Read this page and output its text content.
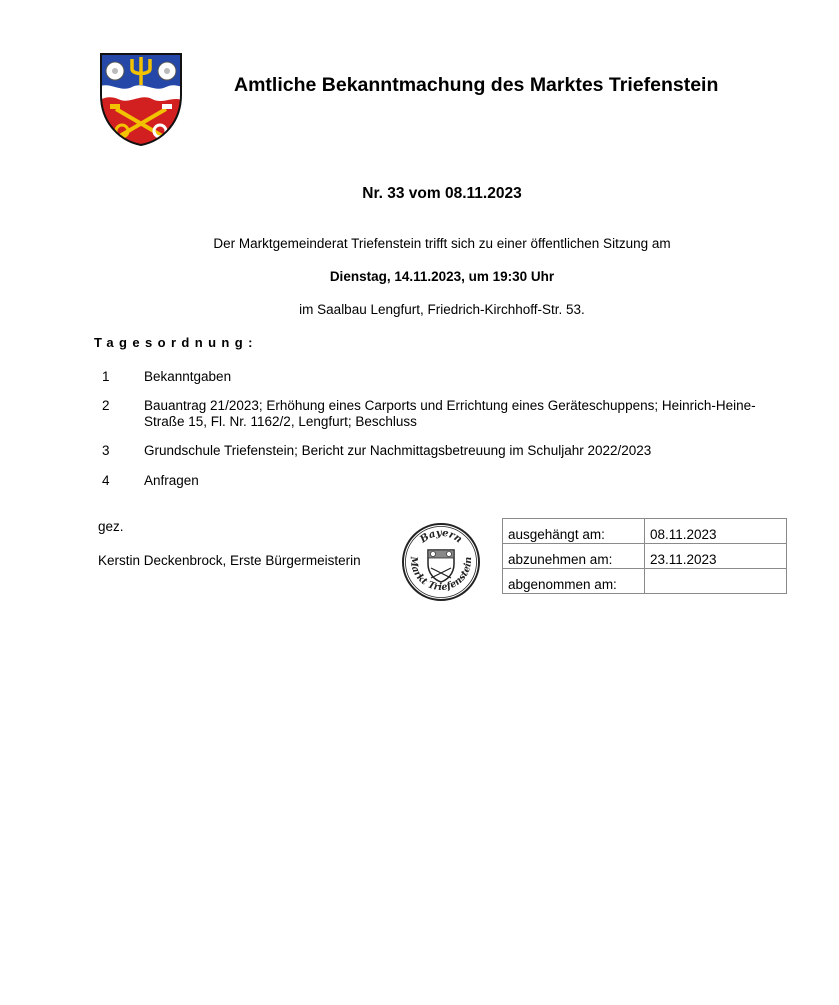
Amtliche Bekanntmachung des Marktes Triefenstein
Nr. 33 vom 08.11.2023
Der Marktgemeinderat Triefenstein trifft sich zu einer öffentlichen Sitzung am
Dienstag, 14.11.2023, um 19:30 Uhr
im Saalbau Lengfurt, Friedrich-Kirchhoff-Str. 53.
Tagesordnung:
1	Bekanntgaben
2	Bauantrag 21/2023; Erhöhung eines Carports und Errichtung eines Geräteschuppens; Heinrich-Heine-Straße 15, Fl. Nr. 1162/2, Lengfurt; Beschluss
3	Grundschule Triefenstein; Bericht zur Nachmittagsbetreuung im Schuljahr 2022/2023
4	Anfragen
gez.
Kerstin Deckenbrock, Erste Bürgermeisterin
Bayern
Markt Triefenstein
ausgehängt am:	08.11.2023
abzunehmen am:	23.11.2023
abgenommen am:	
